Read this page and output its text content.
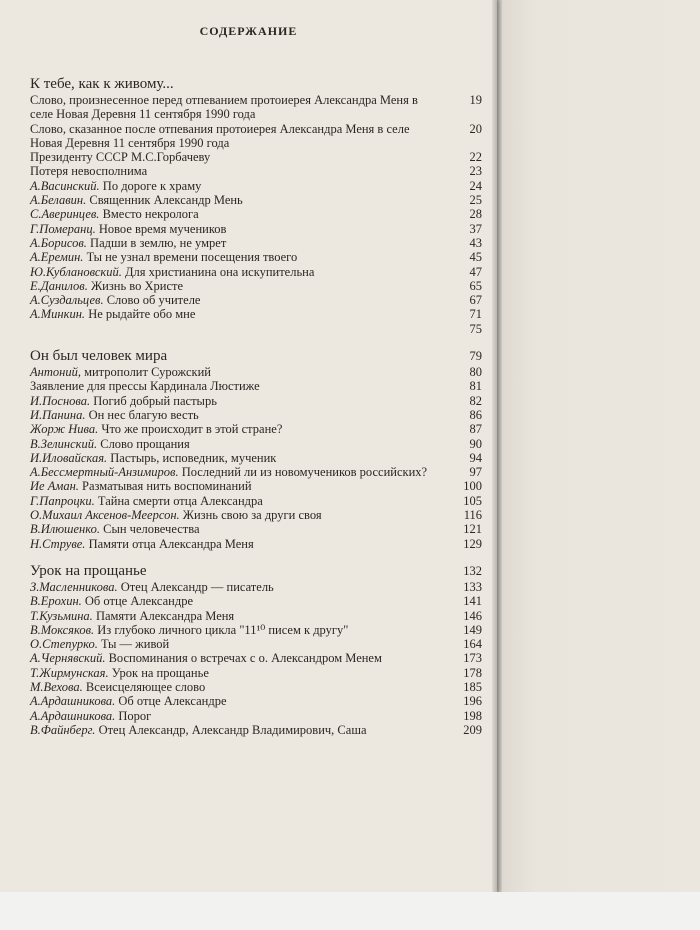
СОДЕРЖАНИЕ
К тебе, как к живому...
Слово, произнесенное перед отпеванием протоиерея Александра Меня в селе Новая Деревня 11 сентября 1990 года
19
Слово, сказанное после отпевания протоиерея Александра Меня в селе Новая Деревня 11 сентября 1990 года
20
Президенту СССР М.С.Горбачеву	22
Потеря невосполнима	23
А.Васинский. По дороге к храму	24
А.Белавин. Священник Александр Мень	25
С.Аверинцев. Вместо некролога	28
Г.Померанц. Новое время мучеников	37
А.Борисов. Падши в землю, не умрет	43
А.Еремин. Ты не узнал времени посещения твоего	45
Ю.Кублановский. Для христианина она искупительна	47
Е.Данилов. Жизнь во Христе	65
А.Суздальцев. Слово об учителе	67
А.Минкин. Не рыдайте обо мне	71
75
Он был человек мира	79
Антоний, митрополит Сурожский	80
Заявление для прессы Кардинала Люстиже	81
И.Поснова. Погиб добрый пастырь	82
И.Панина. Он нес благую весть	86
Жорж Нива. Что же происходит в этой стране?	87
В.Зелинский. Слово прощания	90
И.Иловайская. Пастырь, исповедник, мученик	94
А.Бессмертный-Анзимиров. Последний ли из новомучеников российских?	97
Ие Аман. Разматывая нить воспоминаний	100
Г.Папроцки. Тайна смерти отца Александра	105
О.Михаил Аксенов-Меерсон. Жизнь свою за други своя	116
В.Илюшенко. Сын человечества	121
Н.Струве. Памяти отца Александра Меня	129
Урок на прощанье	132
З.Масленникова. Отец Александр — писатель	133
В.Ерохин. Об отце Александре	141
Т.Кузьмина. Памяти Александра Меня	146
В.Моксяков. Из глубоко личного цикла "11¹⁰ писем к другу"	149
О.Степурко. Ты — живой	164
А.Чернявский. Воспоминания о встречах с о. Александром Менем	173
Т.Жирмунская. Урок на прощанье	178
М.Вехова. Всеисцеляющее слово	185
А.Ардашникова. Об отце Александре	196
А.Ардашникова. Порог	198
В.Файнберг. Отец Александр, Александр Владимирович, Саша	209
